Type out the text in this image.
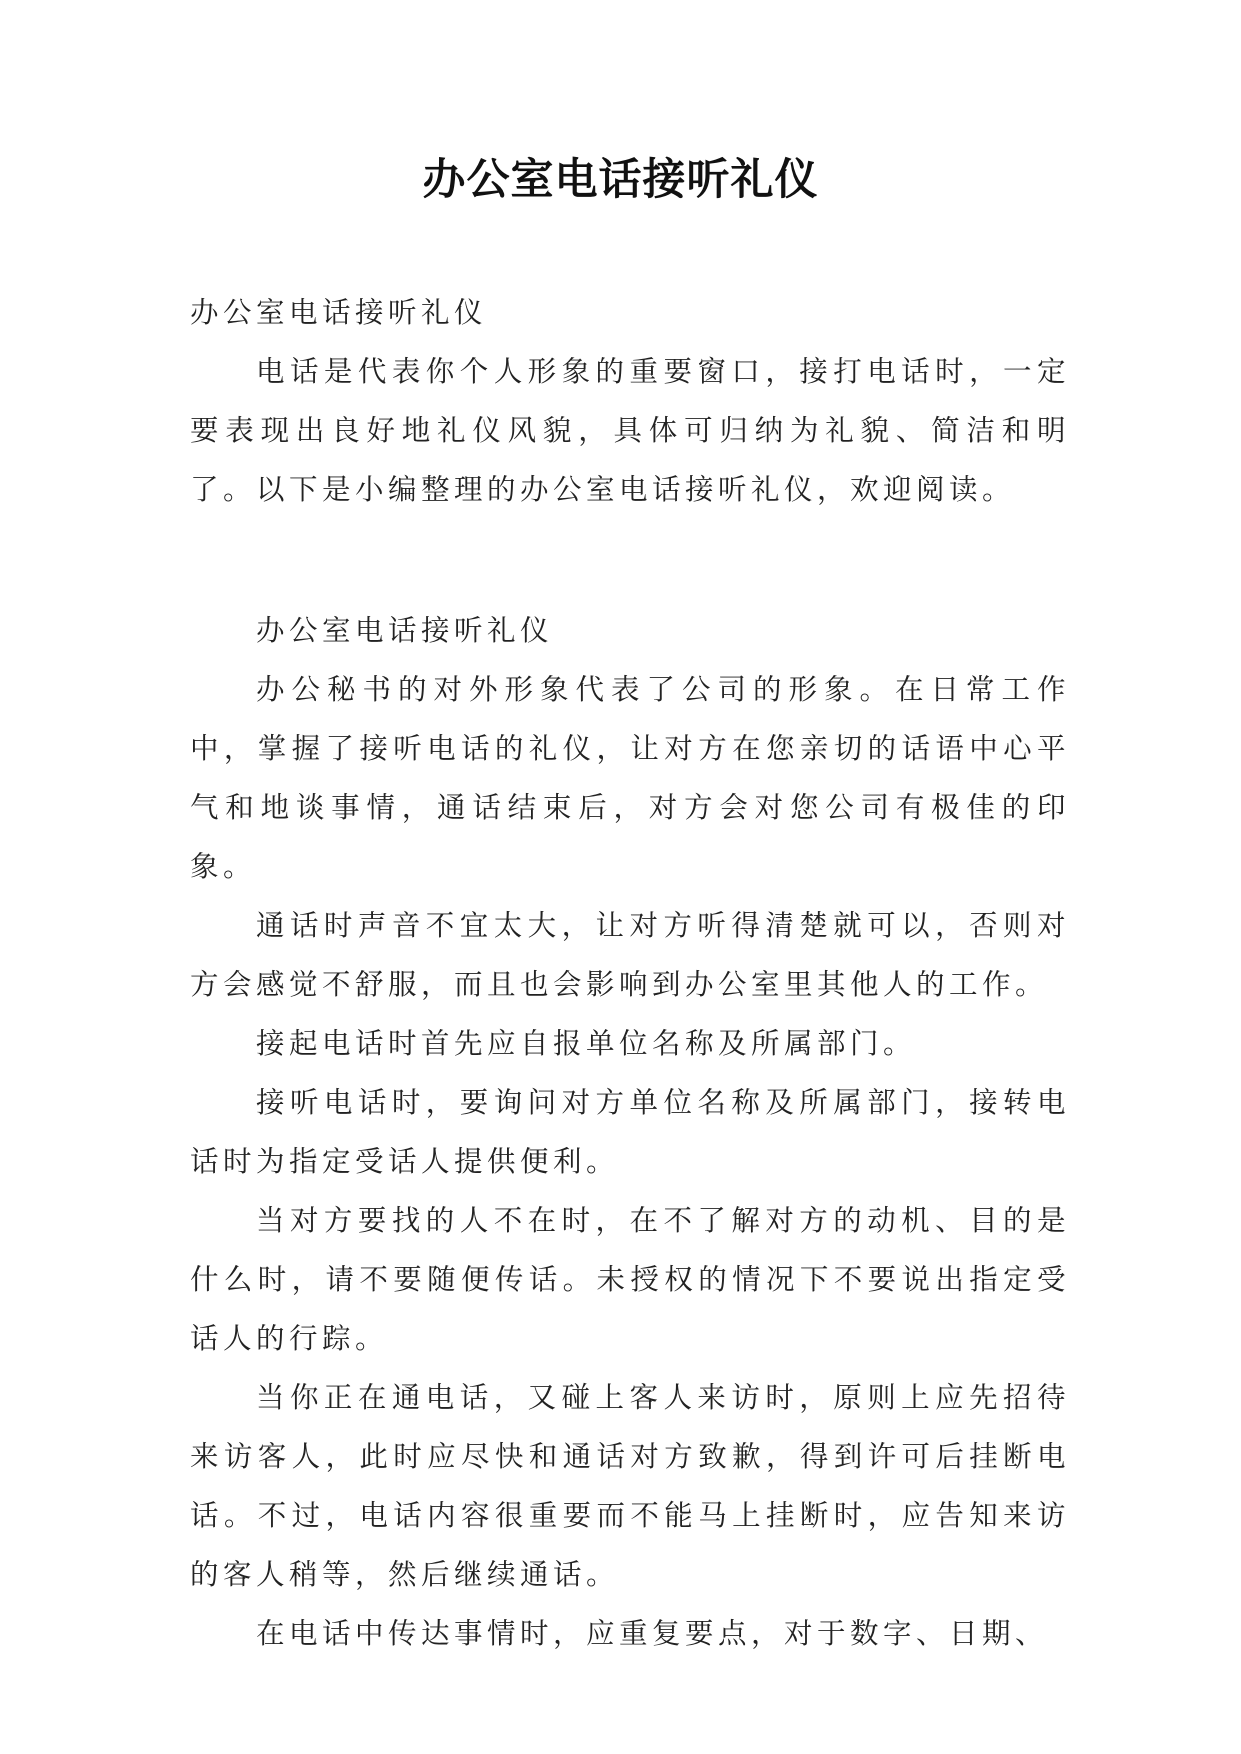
办公室电话接听礼仪

办公室电话接听礼仪

电话是代表你个人形象的重要窗口，接打电话时，一定要表现出良好地礼仪风貌，具体可归纳为礼貌、简洁和明了。以下是小编整理的办公室电话接听礼仪，欢迎阅读。

办公室电话接听礼仪

办公秘书的对外形象代表了公司的形象。在日常工作中，掌握了接听电话的礼仪，让对方在您亲切的话语中心平气和地谈事情，通话结束后，对方会对您公司有极佳的印象。

通话时声音不宜太大，让对方听得清楚就可以，否则对方会感觉不舒服，而且也会影响到办公室里其他人的工作。

接起电话时首先应自报单位名称及所属部门。

接听电话时，要询问对方单位名称及所属部门，接转电话时为指定受话人提供便利。

当对方要找的人不在时，在不了解对方的动机、目的是什么时，请不要随便传话。未授权的情况下不要说出指定受话人的行踪。

当你正在通电话，又碰上客人来访时，原则上应先招待来访客人，此时应尽快和通话对方致歉，得到许可后挂断电话。不过，电话内容很重要而不能马上挂断时，应告知来访的客人稍等，然后继续通话。

在电话中传达事情时，应重复要点，对于数字、日期、
